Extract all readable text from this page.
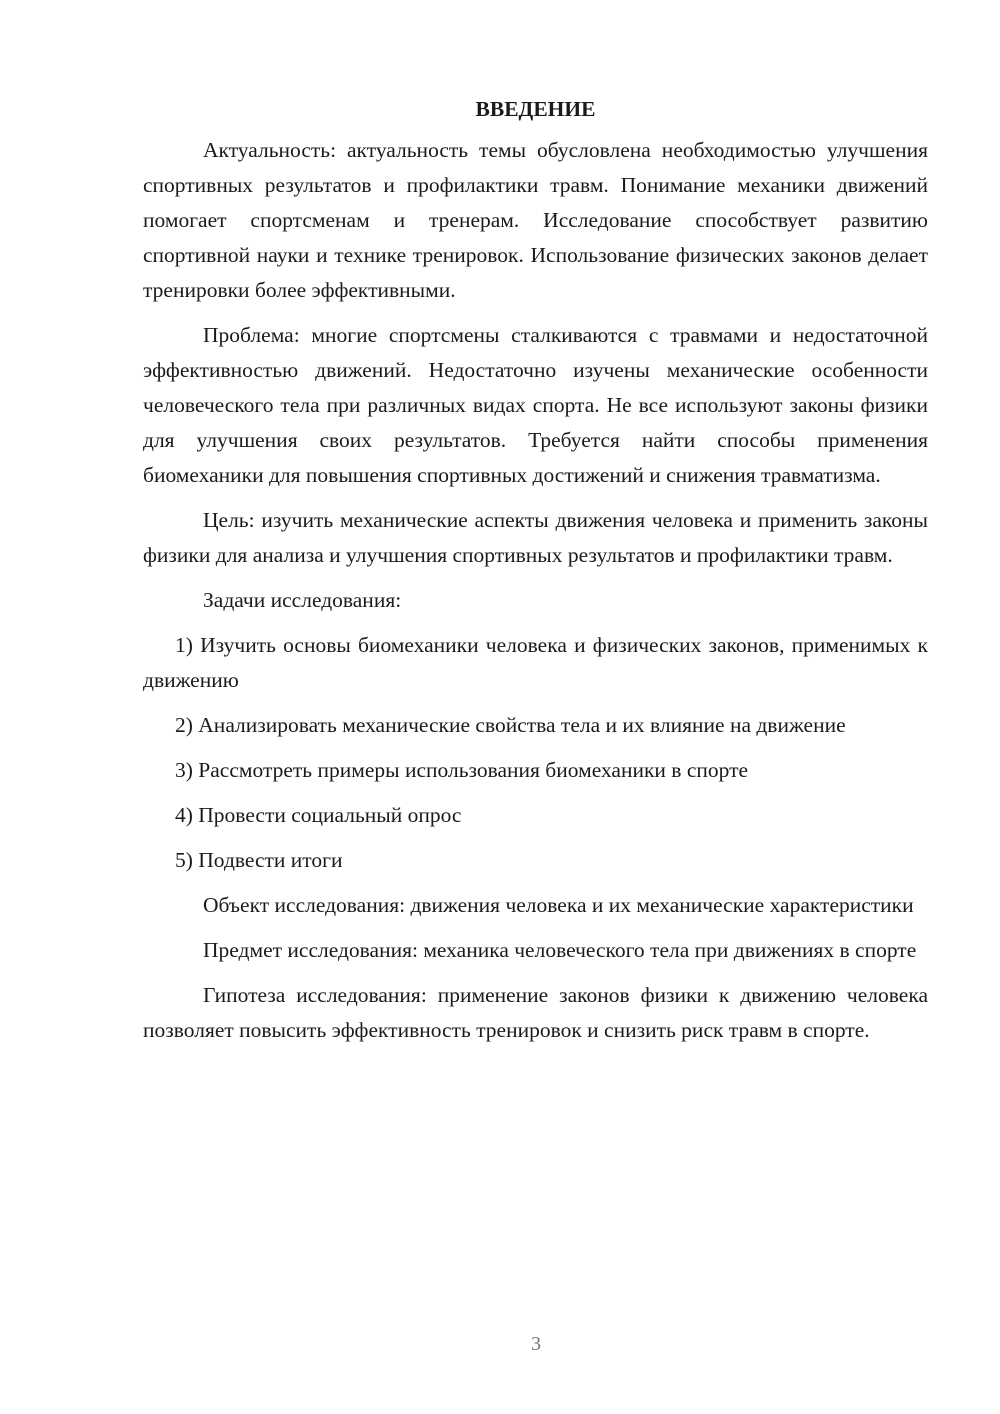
ВВЕДЕНИЕ

Актуальность: актуальность темы обусловлена необходимостью улучшения спортивных результатов и профилактики травм. Понимание механики движений помогает спортсменам и тренерам. Исследование способствует развитию спортивной науки и технике тренировок. Использование физических законов делает тренировки более эффективными.

Проблема: многие спортсмены сталкиваются с травмами и недостаточной эффективностью движений. Недостаточно изучены механические особенности человеческого тела при различных видах спорта. Не все используют законы физики для улучшения своих результатов. Требуется найти способы применения биомеханики для повышения спортивных достижений и снижения травматизма.

Цель: изучить механические аспекты движения человека и применить законы физики для анализа и улучшения спортивных результатов и профилактики травм.

Задачи исследования:

1) Изучить основы биомеханики человека и физических законов, применимых к движению

2) Анализировать механические свойства тела и их влияние на движение

3) Рассмотреть примеры использования биомеханики в спорте

4) Провести социальный опрос

5) Подвести итоги

Объект исследования: движения человека и их механические характеристики

Предмет исследования: механика человеческого тела при движениях в спорте

Гипотеза исследования: применение законов физики к движению человека позволяет повысить эффективность тренировок и снизить риск травм в спорте.

3
